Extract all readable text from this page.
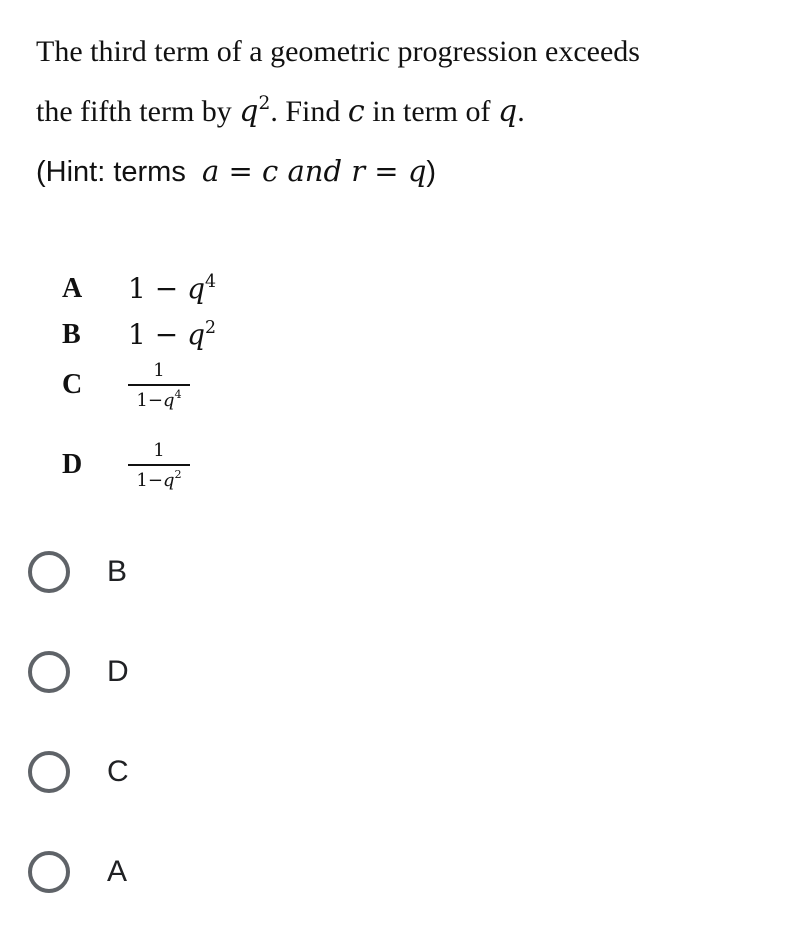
The third term of a geometric progression exceeds
the fifth term by $q^2$. Find c in term of q.
(Hint: terms  a = c and r = q)
A	$1 - q^4$
B	$1 - q^2$
C	1
$1-q^4$
D	1
$1-q^2$
B
D
C
A
